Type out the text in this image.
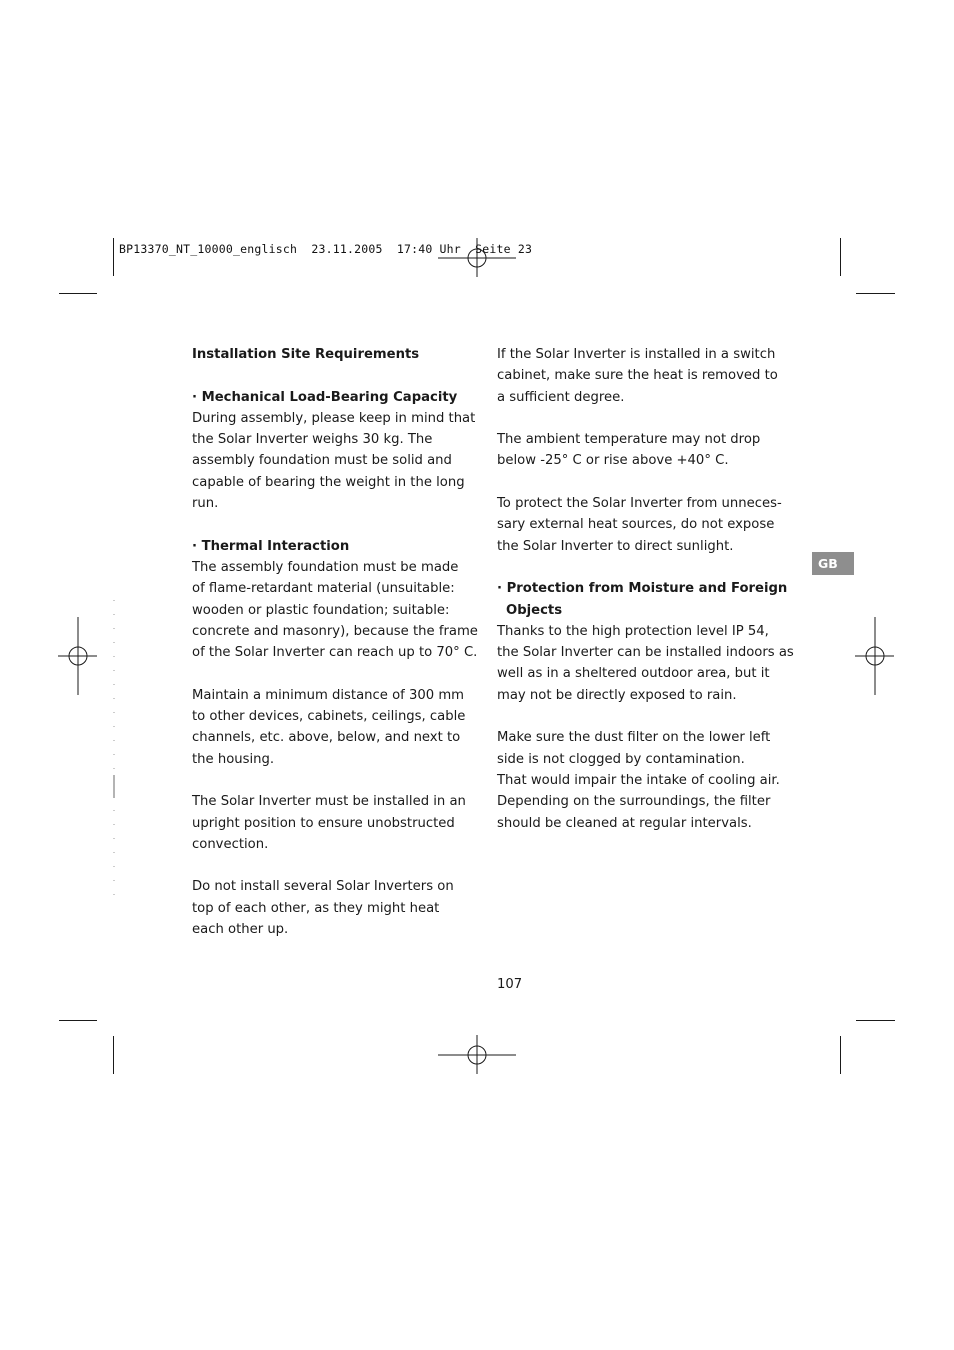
BP13370_NT_10000_englisch  23.11.2005  17:40 Uhr  Seite 23

Installation Site Requirements

· Mechanical Load-Bearing Capacity

During assembly, please keep in mind that
the Solar Inverter weighs 30 kg. The
assembly foundation must be solid and
capable of bearing the weight in the long
run.

· Thermal Interaction

The assembly foundation must be made
of flame-retardant material (unsuitable:
wooden or plastic foundation; suitable:
concrete and masonry), because the frame
of the Solar Inverter can reach up to 70° C.

Maintain a minimum distance of 300 mm
to other devices, cabinets, ceilings, cable
channels, etc. above, below, and next to
the housing.

The Solar Inverter must be installed in an
upright position to ensure unobstructed
convection.

Do not install several Solar Inverters on
top of each other, as they might heat
each other up.

If the Solar Inverter is installed in a switch
cabinet, make sure the heat is removed to
a sufficient degree.

The ambient temperature may not drop
below -25° C or rise above +40° C.

To protect the Solar Inverter from unneces-
sary external heat sources, do not expose
the Solar Inverter to direct sunlight.

· Protection from Moisture and Foreign

Objects

Thanks to the high protection level IP 54,
the Solar Inverter can be installed indoors as
well as in a sheltered outdoor area, but it
may not be directly exposed to rain.

Make sure the dust filter on the lower left
side is not clogged by contamination.
That would impair the intake of cooling air.
Depending on the surroundings, the filter
should be cleaned at regular intervals.

GB
107
